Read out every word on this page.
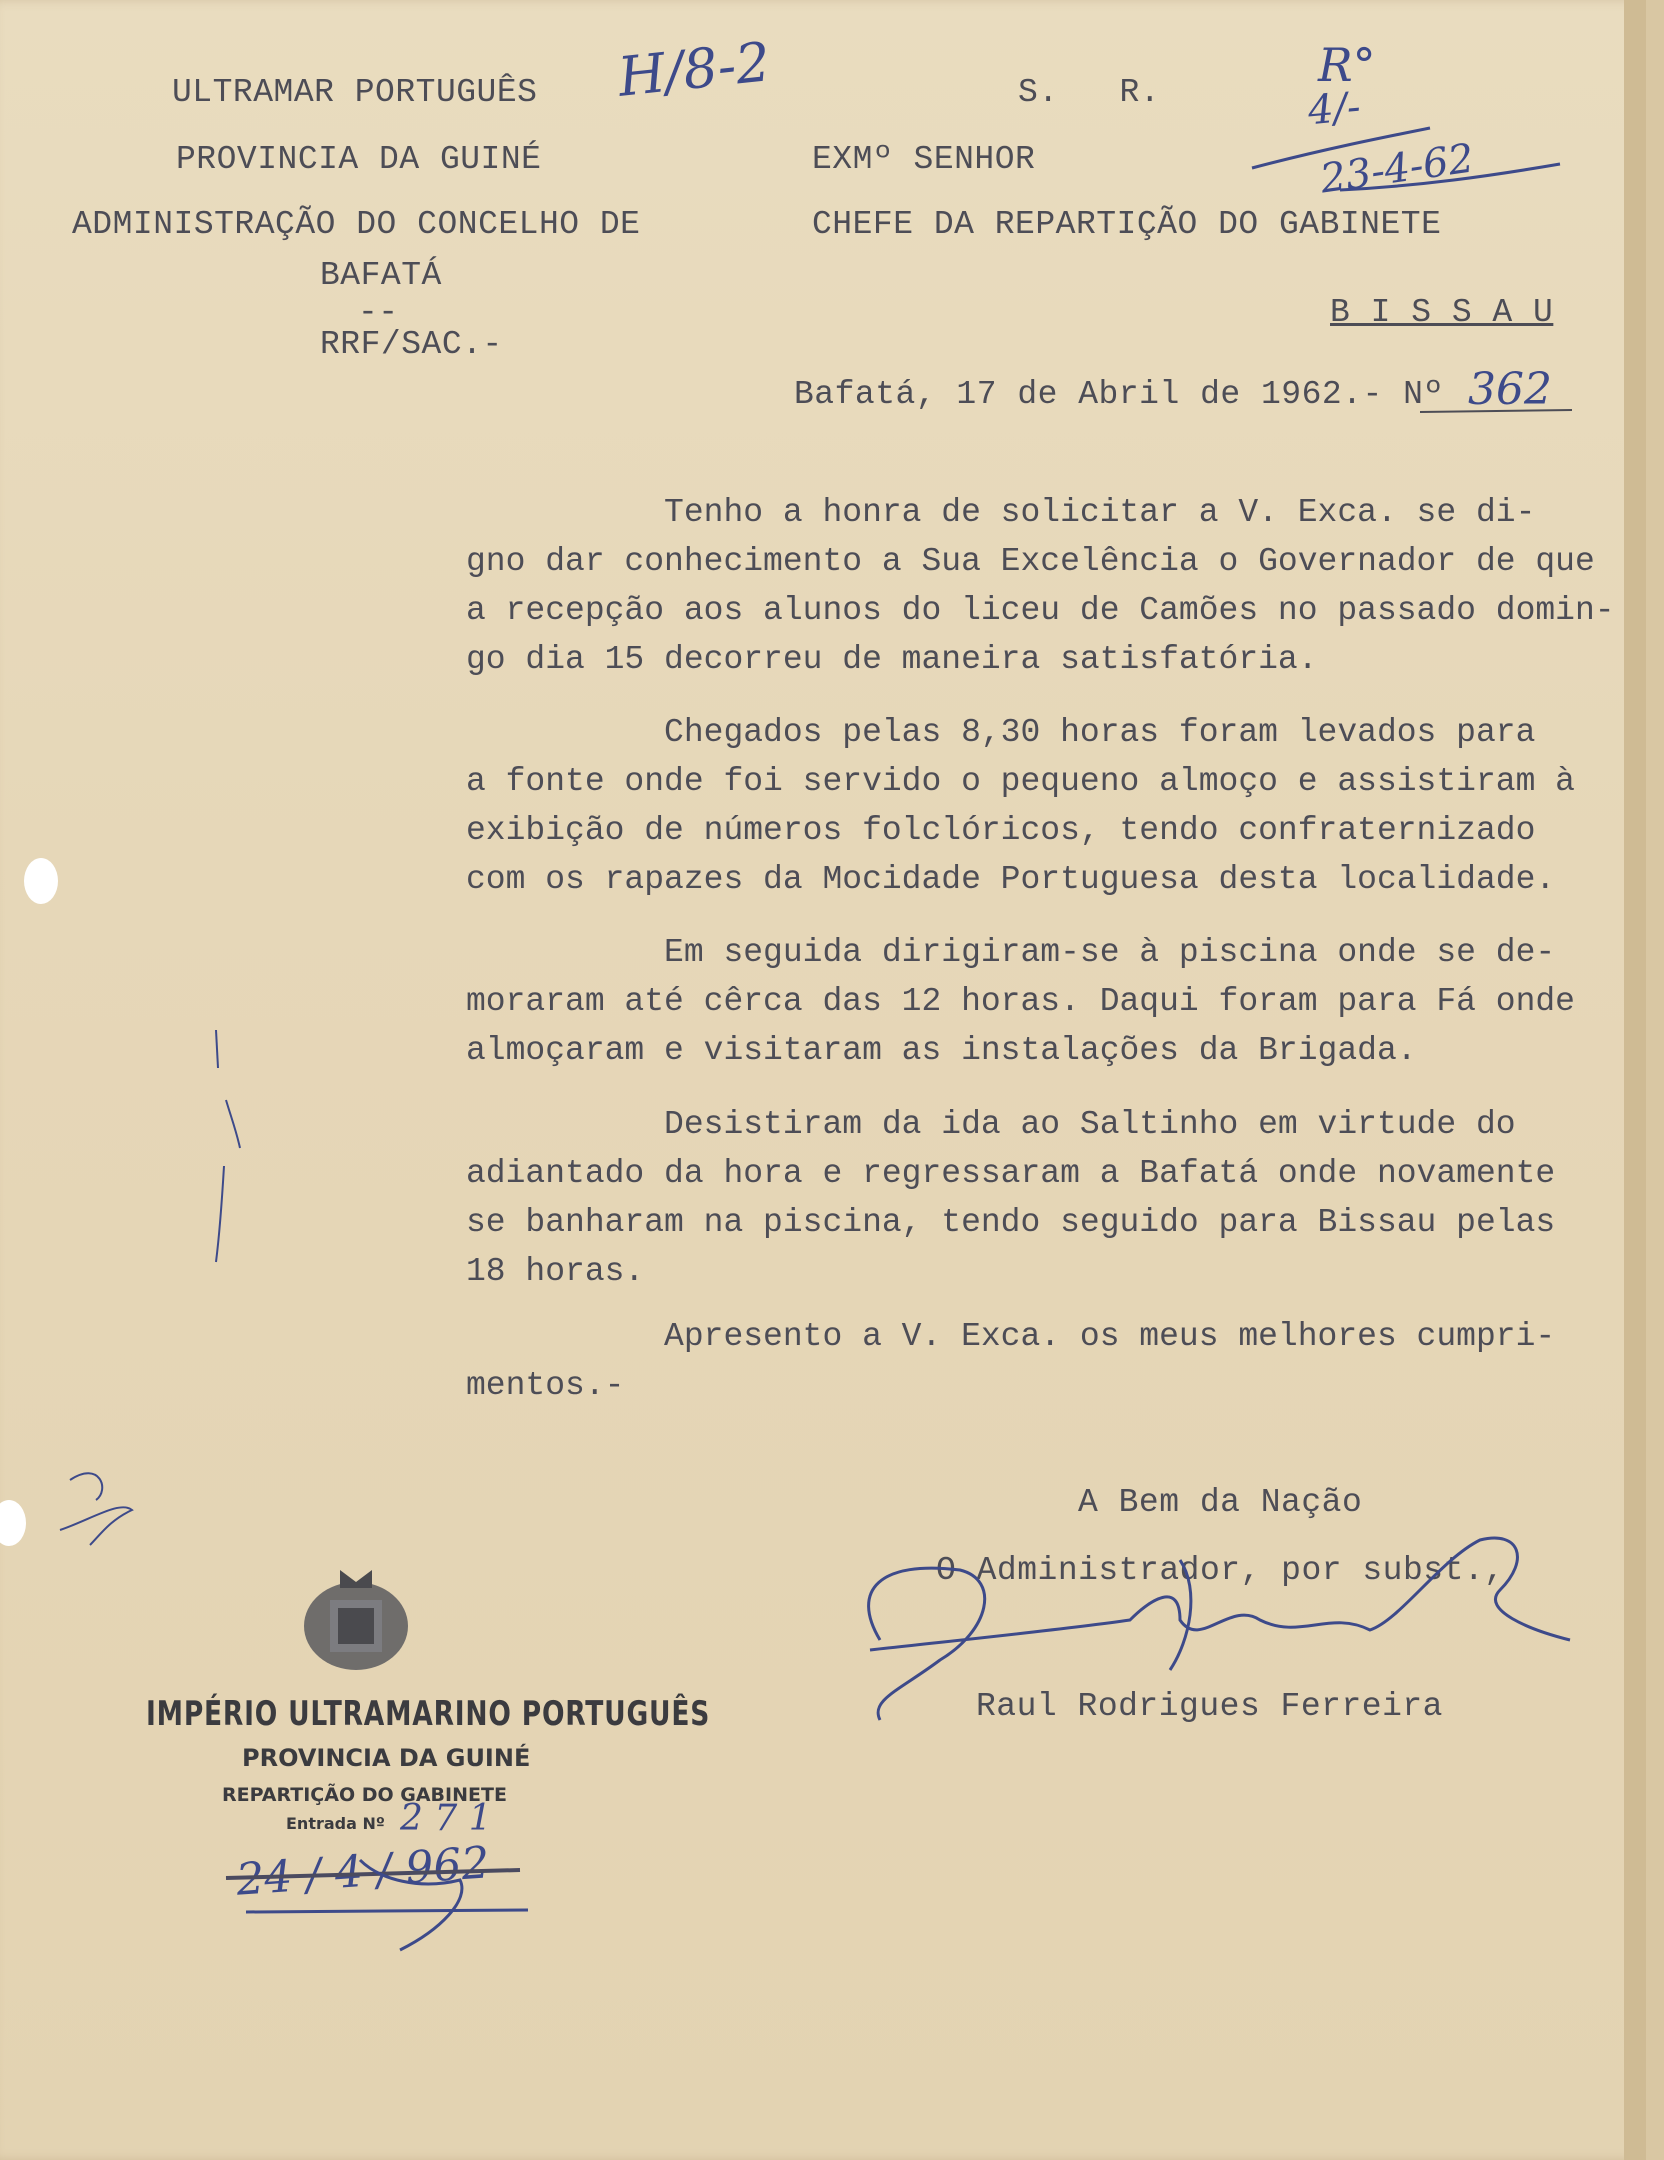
ULTRAMAR PORTUGUÊS
PROVINCIA DA GUINÉ
ADMINISTRAÇÃO DO CONCELHO DE
BAFATÁ
--
RRF/SAC.-
H/8-2	S.   R.
EXMº SENHOR
CHEFE DA REPARTIÇÃO DO GABINETE
B I S S A U
R°
4/-
23-4-62
Bafatá, 17 de Abril de 1962.- Nº 362
Tenho a honra de solicitar a V. Exca. se di-
gno dar conhecimento a Sua Excelência o Governador de que
a recepção aos alunos do liceu de Camões no passado domin-
go dia 15 decorreu de maneira satisfatória.
Chegados pelas 8,30 horas foram levados para
a fonte onde foi servido o pequeno almoço e assistiram à
exibição de números folclóricos, tendo confraternizado
com os rapazes da Mocidade Portuguesa desta localidade.
Em seguida dirigiram-se à piscina onde se de-
moraram até cêrca das 12 horas. Daqui foram para Fá onde
almoçaram e visitaram as instalações da Brigada.
Desistiram da ida ao Saltinho em virtude do
adiantado da hora e regressaram a Bafatá onde novamente
se banharam na piscina, tendo seguido para Bissau pelas
18 horas.
Apresento a V. Exca. os meus melhores cumpri-
mentos.-
A Bem da Nação
O Administrador, por subst.,
Raul Rodrigues Ferreira
IMPÉRIO ULTRAMARINO PORTUGUÊS
PROVINCIA DA GUINÉ
REPARTIÇÃO DO GABINETE
Entrada Nº 2 7 1
24 / 4 / 962
